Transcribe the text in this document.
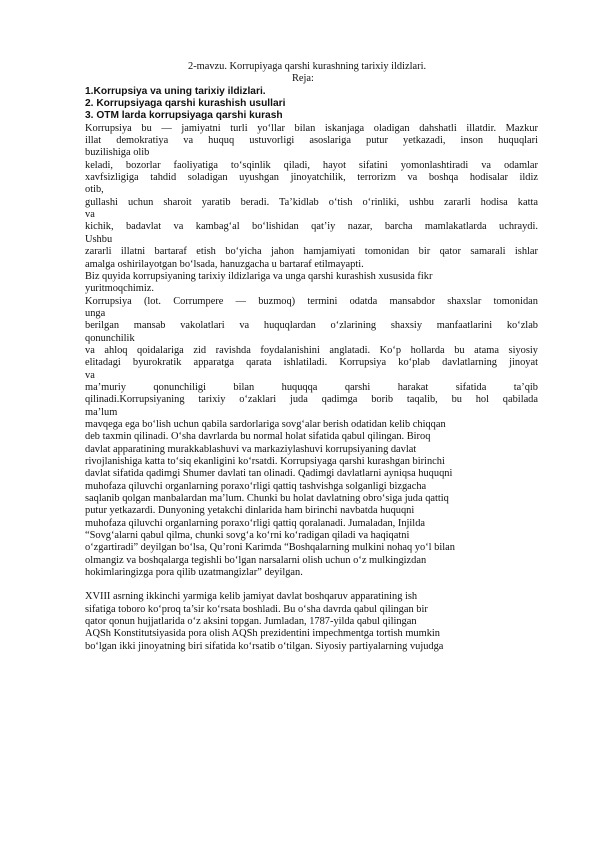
2-mavzu. Korrupiyaga qarshi kurashning tarixiy ildizlari.
Reja:
1.Korrupsiya va uning tarixiy ildizlari.
2. Korrupsiyaga qarshi kurashish usullari
3. OTM larda korrupsiyaga qarshi kurash
Korrupsiya bu — jamiyatni turli yo‘llar bilan iskanjaga oladigan dahshatli illatdir. Mazkur
illat demokratiya va huquq ustuvorligi asoslariga putur yetkazadi, inson huquqlari
buzilishiga olib
keladi, bozorlar faoliyatiga to‘sqinlik qiladi, hayot sifatini yomonlashtiradi va odamlar
xavfsizligiga tahdid soladigan uyushgan jinoyatchilik, terrorizm va boshqa hodisalar ildiz
otib,
gullashi uchun sharoit yaratib beradi. Ta’kidlab o‘tish o‘rinliki, ushbu zararli hodisa katta
va
kichik, badavlat va kambag‘al bo‘lishidan qat’iy nazar, barcha mamlakatlarda uchraydi.
Ushbu
zararli illatni bartaraf etish bo‘yicha jahon hamjamiyati tomonidan bir qator samarali ishlar
amalga oshirilayotgan bo‘lsada, hanuzgacha u bartaraf etilmayapti.
Biz quyida korrupsiyaning tarixiy ildizlariga va unga qarshi kurashish xususida fikr
yuritmoqchimiz.
Korrupsiya (lot. Corrumpere — buzmoq) termini odatda mansabdor shaxslar tomonidan
unga
berilgan mansab vakolatlari va huquqlardan o‘zlarining shaxsiy manfaatlarini ko‘zlab
qonunchilik
va ahloq qoidalariga zid ravishda foydalanishini anglatadi. Ko‘p hollarda bu atama siyosiy
elitadagi byurokratik apparatga qarata ishlatiladi. Korrupsiya ko‘plab davlatlarning jinoyat
va
ma’muriy qonunchiligi bilan huquqqa qarshi harakat sifatida ta’qib
qilinadi.Korrupsiyaning tarixiy o‘zaklari juda qadimga borib taqalib, bu hol qabilada
ma’lum
mavqega ega bo‘lish uchun qabila sardorlariga sovg‘alar berish odatidan kelib chiqqan
deb taxmin qilinadi. O‘sha davrlarda bu normal holat sifatida qabul qilingan. Biroq
davlat apparatining murakkablashuvi va markaziylashuvi korrupsiyaning davlat
rivojlanishiga katta to‘siq ekanligini ko‘rsatdi. Korrupsiyaga qarshi kurashgan birinchi
davlat sifatida qadimgi Shumer davlati tan olinadi. Qadimgi davlatlarni ayniqsa huquqni
muhofaza qiluvchi organlarning poraxo‘rligi qattiq tashvishga solganligi bizgacha
saqlanib qolgan manbalardan ma’lum. Chunki bu holat davlatning obro‘siga juda qattiq
putur yetkazardi. Dunyoning yetakchi dinlarida ham birinchi navbatda huquqni
muhofaza qiluvchi organlarning poraxo‘rligi qattiq qoralanadi. Jumaladan, Injilda
“Sovg‘alarni qabul qilma, chunki sovg‘a ko‘rni ko‘radigan qiladi va haqiqatni
o‘zgartiradi” deyilgan bo‘lsa, Qu’roni Karimda “Boshqalarning mulkini nohaq yo‘l bilan
olmangiz va boshqalarga tegishli bo‘lgan narsalarni olish uchun o‘z mulkingizdan
hokimlaringizga pora qilib uzatmangizlar” deyilgan.
XVIII asrning ikkinchi yarmiga kelib jamiyat davlat boshqaruv apparatining ish
sifatiga toboro ko‘proq ta’sir ko‘rsata boshladi. Bu o‘sha davrda qabul qilingan bir
qator qonun hujjatlarida o‘z aksini topgan. Jumladan, 1787-yilda qabul qilingan
AQSh Konstitutsiyasida pora olish AQSh prezidentini impechmentga tortish mumkin
bo‘lgan ikki jinoyatning biri sifatida ko‘rsatib o‘tilgan. Siyosiy partiyalarning vujudga
